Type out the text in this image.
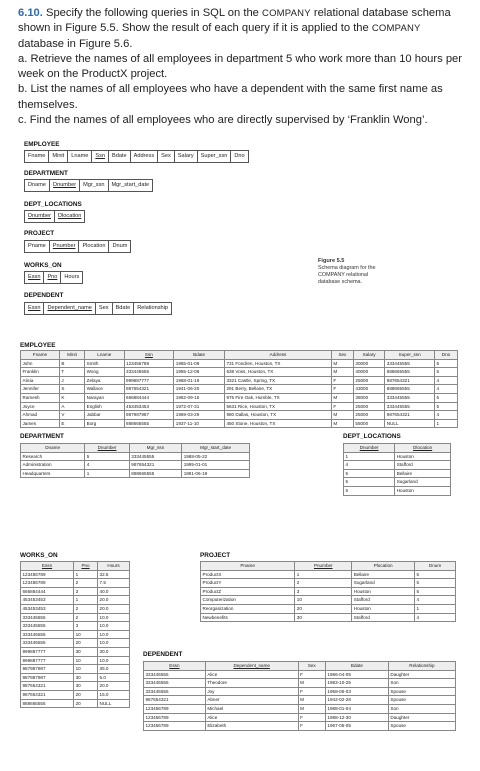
6.10. Specify the following queries in SQL on the COMPANY relational database schema shown in Figure 5.5. Show the result of each query if it is applied to the COMPANY database in Figure 5.6.

a. Retrieve the names of all employees in department 5 who work more than 10 hours per week on the ProductX project.

b. List the names of all employees who have a dependent with the same first name as themselves.

c. Find the names of all employees who are directly supervised by ‘Franklin Wong’.

EMPLOYEE
Fname	Minit	Lname	Ssn	Bdate	Address	Sex	Salary	Super_ssn	Dno
DEPARTMENT
Dname	Dnumber	Mgr_ssn	Mgr_start_date
DEPT_LOCATIONS
Dnumber	Dlocation
PROJECT
Pname	Pnumber	Plocation	Dnum
WORKS_ON
Essn	Pno	Hours
DEPENDENT
Essn	Dependent_name	Sex	Bdate	Relationship
Figure 5.5
Schema diagram for the
COMPANY relational
database schema.
EMPLOYEE
Fname	Minit	Lname	Ssn	Bdate	Address	Sex	Salary	Super_ssn	Dno
John	B	Smith	123456789	1965-01-09	731 Fondren, Houston, TX	M	30000	333445555	5
Franklin	T	Wong	333445555	1955-12-08	638 Voss, Houston, TX	M	40000	888665555	5
Alicia	J	Zelaya	999887777	1968-01-19	3321 Castle, Spring, TX	F	25000	987654321	4
Jennifer	S	Wallace	987654321	1941-06-20	291 Berry, Bellaire, TX	F	43000	888665555	4
Ramesh	K	Narayan	666884444	1962-09-15	975 Fire Oak, Humble, TX	M	38000	333445555	5
Joyce	A	English	453453453	1972-07-31	5631 Rice, Houston, TX	F	25000	333445555	5
Ahmad	V	Jabbar	987987987	1969-03-29	980 Dallas, Houston, TX	M	25000	987654321	4
James	E	Borg	888665555	1937-11-10	450 Stone, Houston, TX	M	55000	NULL	1
DEPARTMENT
Dname	Dnumber	Mgr_ssn	Mgr_start_date
Research	5	333445555	1988-05-22
Administration	4	987654321	1995-01-01
Headquarters	1	888665555	1981-06-19
DEPT_LOCATIONS
Dnumber	Dlocation
1	Houston
4	Stafford
5	Bellaire
5	Sugarland
5	Houston
WORKS_ON
Essn	Pno	Hours
123456789	1	32.5
123456789	2	7.5
666884444	3	40.0
453453453	1	20.0
453453453	2	20.0
333445555	2	10.0
333445555	3	10.0
333445555	10	10.0
333445555	20	10.0
999887777	30	30.0
999887777	10	10.0
987987987	10	35.0
987987987	30	5.0
987654321	30	20.0
987654321	20	15.0
888665555	20	NULL
PROJECT
Pname	Pnumber	Plocation	Dnum
ProductX	1	Bellaire	5
ProductY	2	Sugarland	5
ProductZ	3	Houston	5
Computerization	10	Stafford	4
Reorganization	20	Houston	1
Newbenefits	30	Stafford	4
DEPENDENT
Essn	Dependent_name	Sex	Bdate	Relationship
333445555	Alice	F	1986-04-05	Daughter
333445555	Theodore	M	1983-10-25	Son
333445555	Joy	F	1958-05-03	Spouse
987654321	Abner	M	1942-02-28	Spouse
123456789	Michael	M	1988-01-04	Son
123456789	Alice	F	1988-12-30	Daughter
123456789	Elizabeth	F	1967-05-05	Spouse
